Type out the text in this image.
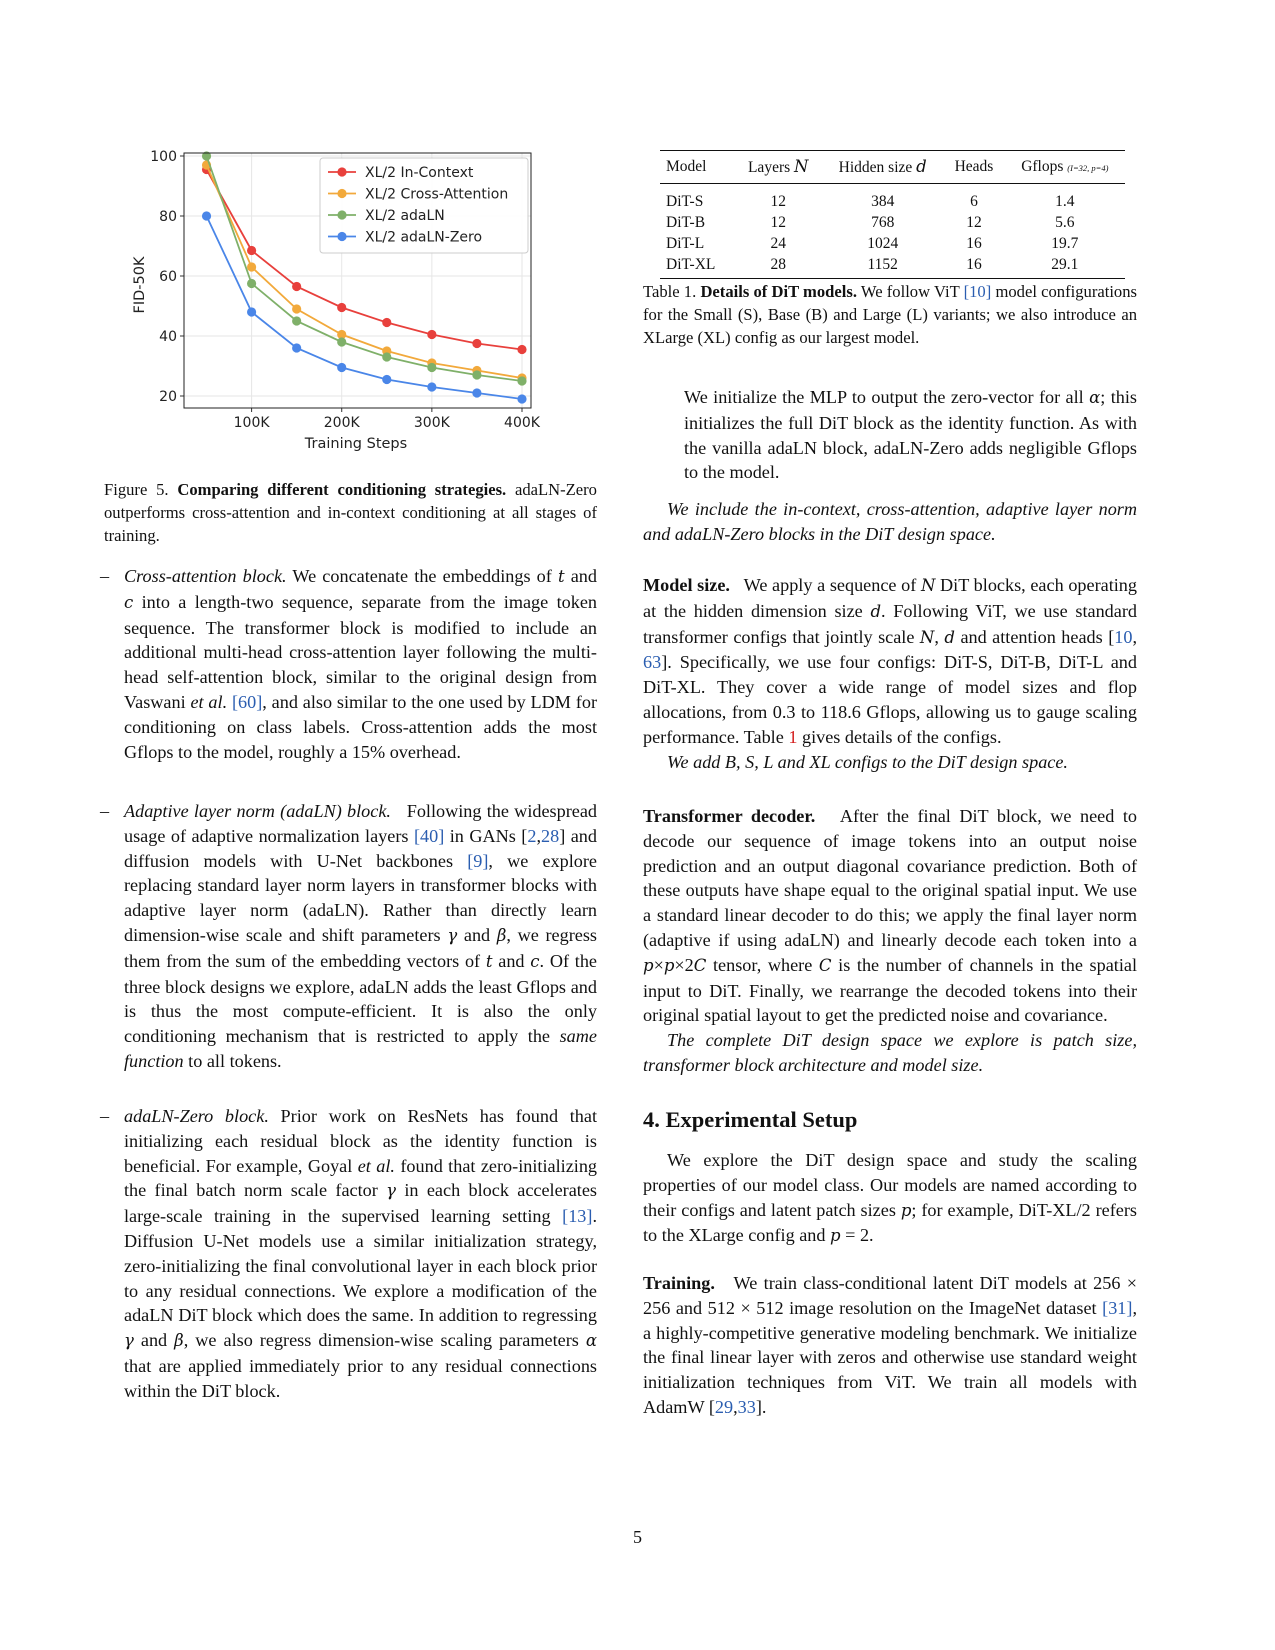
100K	200K	300K	400K
20
40
60
80
100
Training Steps
FID-50K
XL/2 In-Context
XL/2 Cross-Attention
XL/2 adaLN
XL/2 adaLN-Zero
Figure 5. Comparing different conditioning strategies. adaLN-Zero outperforms cross-attention and in-context conditioning at all stages of training.
– Cross-attention block. We concatenate the embeddings of t and c into a length-two sequence, separate from the image token sequence. The transformer block is modified to include an additional multi-head cross-attention layer following the multi-head self-attention block, similar to the original design from Vaswani et al. [60], and also similar to the one used by LDM for conditioning on class labels. Cross-attention adds the most Gflops to the model, roughly a 15% overhead.
– Adaptive layer norm (adaLN) block.   Following the widespread usage of adaptive normalization layers [40] in GANs [2,28] and diffusion models with U-Net backbones [9], we explore replacing standard layer norm layers in transformer blocks with adaptive layer norm (adaLN). Rather than directly learn dimension-wise scale and shift parameters γ and β, we regress them from the sum of the embedding vectors of t and c. Of the three block designs we explore, adaLN adds the least Gflops and is thus the most compute-efficient. It is also the only conditioning mechanism that is restricted to apply the same function to all tokens.
– adaLN-Zero block. Prior work on ResNets has found that initializing each residual block as the identity function is beneficial. For example, Goyal et al. found that zero-initializing the final batch norm scale factor γ in each block accelerates large-scale training in the supervised learning setting [13]. Diffusion U-Net models use a similar initialization strategy, zero-initializing the final convolutional layer in each block prior to any residual connections. We explore a modification of the adaLN DiT block which does the same. In addition to regressing γ and β, we also regress dimension-wise scaling parameters α that are applied immediately prior to any residual connections within the DiT block.
Model	Layers N	Hidden size d	Heads	Gflops (I=32, p=4)
DiT-S	12	384	6	1.4
DiT-B	12	768	12	5.6
DiT-L	24	1024	16	19.7
DiT-XL	28	1152	16	29.1
Table 1. Details of DiT models. We follow ViT [10] model configurations for the Small (S), Base (B) and Large (L) variants; we also introduce an XLarge (XL) config as our largest model.
We initialize the MLP to output the zero-vector for all α; this initializes the full DiT block as the identity function. As with the vanilla adaLN block, adaLN-Zero adds negligible Gflops to the model.
We include the in-context, cross-attention, adaptive layer norm and adaLN-Zero blocks in the DiT design space.
Model size.   We apply a sequence of N DiT blocks, each operating at the hidden dimension size d. Following ViT, we use standard transformer configs that jointly scale N, d and attention heads [10, 63]. Specifically, we use four configs: DiT-S, DiT-B, DiT-L and DiT-XL. They cover a wide range of model sizes and flop allocations, from 0.3 to 118.6 Gflops, allowing us to gauge scaling performance. Table 1 gives details of the configs.
We add B, S, L and XL configs to the DiT design space.
Transformer decoder.   After the final DiT block, we need to decode our sequence of image tokens into an output noise prediction and an output diagonal covariance prediction. Both of these outputs have shape equal to the original spatial input. We use a standard linear decoder to do this; we apply the final layer norm (adaptive if using adaLN) and linearly decode each token into a p×p×2C tensor, where C is the number of channels in the spatial input to DiT. Finally, we rearrange the decoded tokens into their original spatial layout to get the predicted noise and covariance.
The complete DiT design space we explore is patch size, transformer block architecture and model size.
4. Experimental Setup
We explore the DiT design space and study the scaling properties of our model class. Our models are named according to their configs and latent patch sizes p; for example, DiT-XL/2 refers to the XLarge config and p = 2.
Training.   We train class-conditional latent DiT models at 256 × 256 and 512 × 512 image resolution on the ImageNet dataset [31], a highly-competitive generative modeling benchmark. We initialize the final linear layer with zeros and otherwise use standard weight initialization techniques from ViT. We train all models with AdamW [29,33].
5
